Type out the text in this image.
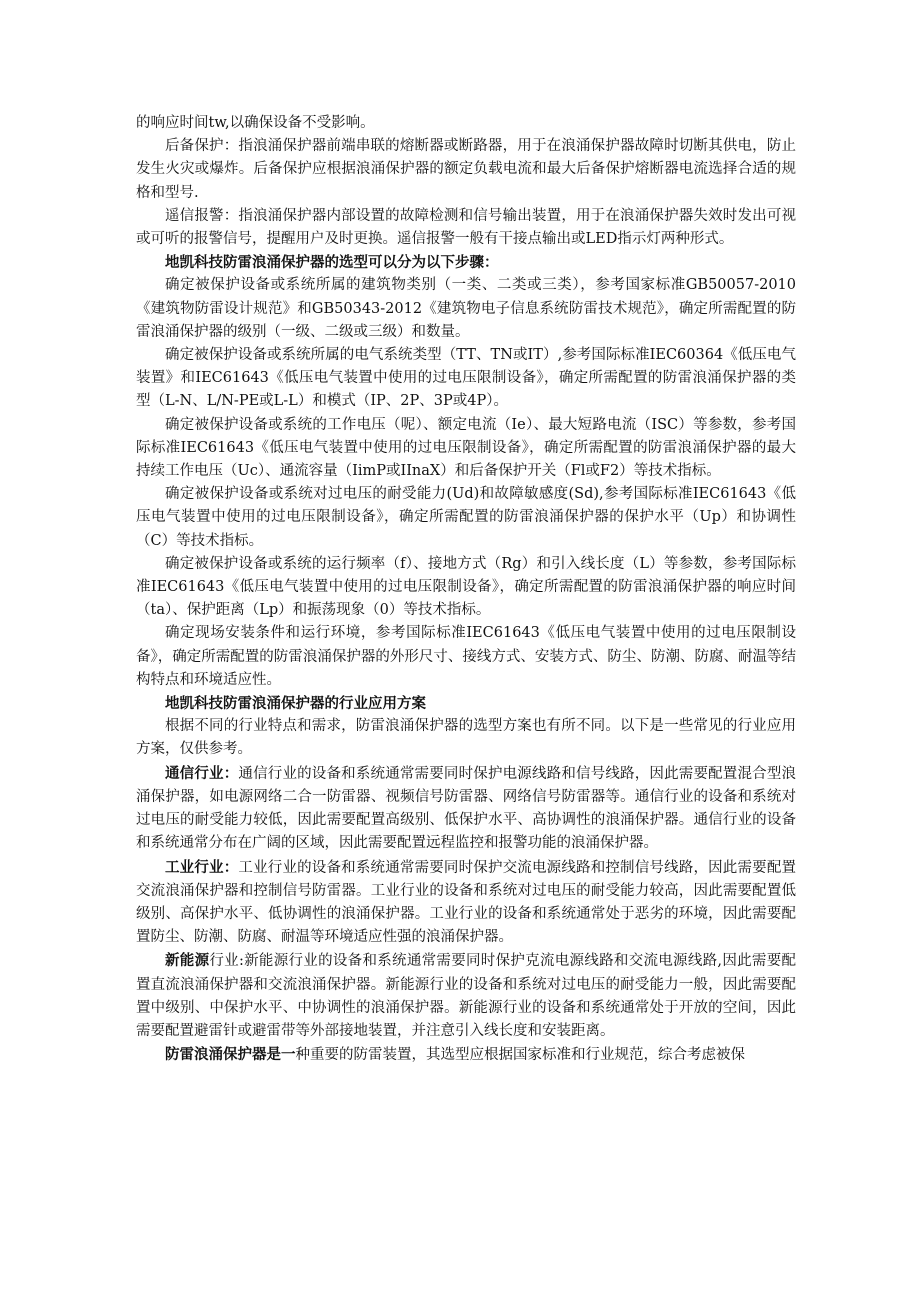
的响应时间tw,以确保设备不受影响。

后备保护：指浪涌保护器前端串联的熔断器或断路器，用于在浪涌保护器故障时切断其供电，防止发生火灾或爆炸。后备保护应根据浪涌保护器的额定负载电流和最大后备保护熔断器电流选择合适的规格和型号.

遥信报警：指浪涌保护器内部设置的故障检测和信号输出装置，用于在浪涌保护器失效时发出可视或可听的报警信号，提醒用户及时更换。遥信报警一般有干接点输出或LED指示灯两种形式。

地凯科技防雷浪涌保护器的选型可以分为以下步骤：

确定被保护设备或系统所属的建筑物类别（一类、二类或三类），参考国家标准GB50057-2010《建筑物防雷设计规范》和GB50343-2012《建筑物电子信息系统防雷技术规范》，确定所需配置的防雷浪涌保护器的级别（一级、二级或三级）和数量。

确定被保护设备或系统所属的电气系统类型（TT、TN或IT）,参考国际标准IEC60364《低压电气装置》和IEC61643《低压电气装置中使用的过电压限制设备》，确定所需配置的防雷浪涌保护器的类型（L-N、L/N-PE或L-L）和模式（IP、2P、3P或4P）。

确定被保护设备或系统的工作电压（呢）、额定电流（Ie）、最大短路电流（ISC）等参数，参考国际标准IEC61643《低压电气装置中使用的过电压限制设备》，确定所需配置的防雷浪涌保护器的最大持续工作电压（Uc）、通流容量（IimP或IInaX）和后备保护开关（Fl或F2）等技术指标。

确定被保护设备或系统对过电压的耐受能力(Ud)和故障敏感度(Sd),参考国际标准IEC61643《低压电气装置中使用的过电压限制设备》，确定所需配置的防雷浪涌保护器的保护水平（Up）和协调性（C）等技术指标。

确定被保护设备或系统的运行频率（f）、接地方式（Rg）和引入线长度（L）等参数，参考国际标准IEC61643《低压电气装置中使用的过电压限制设备》，确定所需配置的防雷浪涌保护器的响应时间（ta）、保护距离（Lp）和振荡现象（0）等技术指标。

确定现场安装条件和运行环境，参考国际标准IEC61643《低压电气装置中使用的过电压限制设备》，确定所需配置的防雷浪涌保护器的外形尺寸、接线方式、安装方式、防尘、防潮、防腐、耐温等结构特点和环境适应性。

地凯科技防雷浪涌保护器的行业应用方案

根据不同的行业特点和需求，防雷浪涌保护器的选型方案也有所不同。以下是一些常见的行业应用方案，仅供参考。

通信行业：通信行业的设备和系统通常需要同时保护电源线路和信号线路，因此需要配置混合型浪涌保护器，如电源网络二合一防雷器、视频信号防雷器、网络信号防雷器等。通信行业的设备和系统对过电压的耐受能力较低，因此需要配置高级别、低保护水平、高协调性的浪涌保护器。通信行业的设备和系统通常分布在广阔的区域，因此需要配置远程监控和报警功能的浪涌保护器。

工业行业：工业行业的设备和系统通常需要同时保护交流电源线路和控制信号线路，因此需要配置交流浪涌保护器和控制信号防雷器。工业行业的设备和系统对过电压的耐受能力较高，因此需要配置低级别、高保护水平、低协调性的浪涌保护器。工业行业的设备和系统通常处于恶劣的环境，因此需要配置防尘、防潮、防腐、耐温等环境适应性强的浪涌保护器。

新能源行业:新能源行业的设备和系统通常需要同时保护克流电源线路和交流电源线路,因此需要配置直流浪涌保护器和交流浪涌保护器。新能源行业的设备和系统对过电压的耐受能力一般，因此需要配置中级别、中保护水平、中协调性的浪涌保护器。新能源行业的设备和系统通常处于开放的空间，因此需要配置避雷针或避雷带等外部接地装置，并注意引入线长度和安装距离。

防雷浪涌保护器是一种重要的防雷装置，其选型应根据国家标准和行业规范，综合考虑被保
